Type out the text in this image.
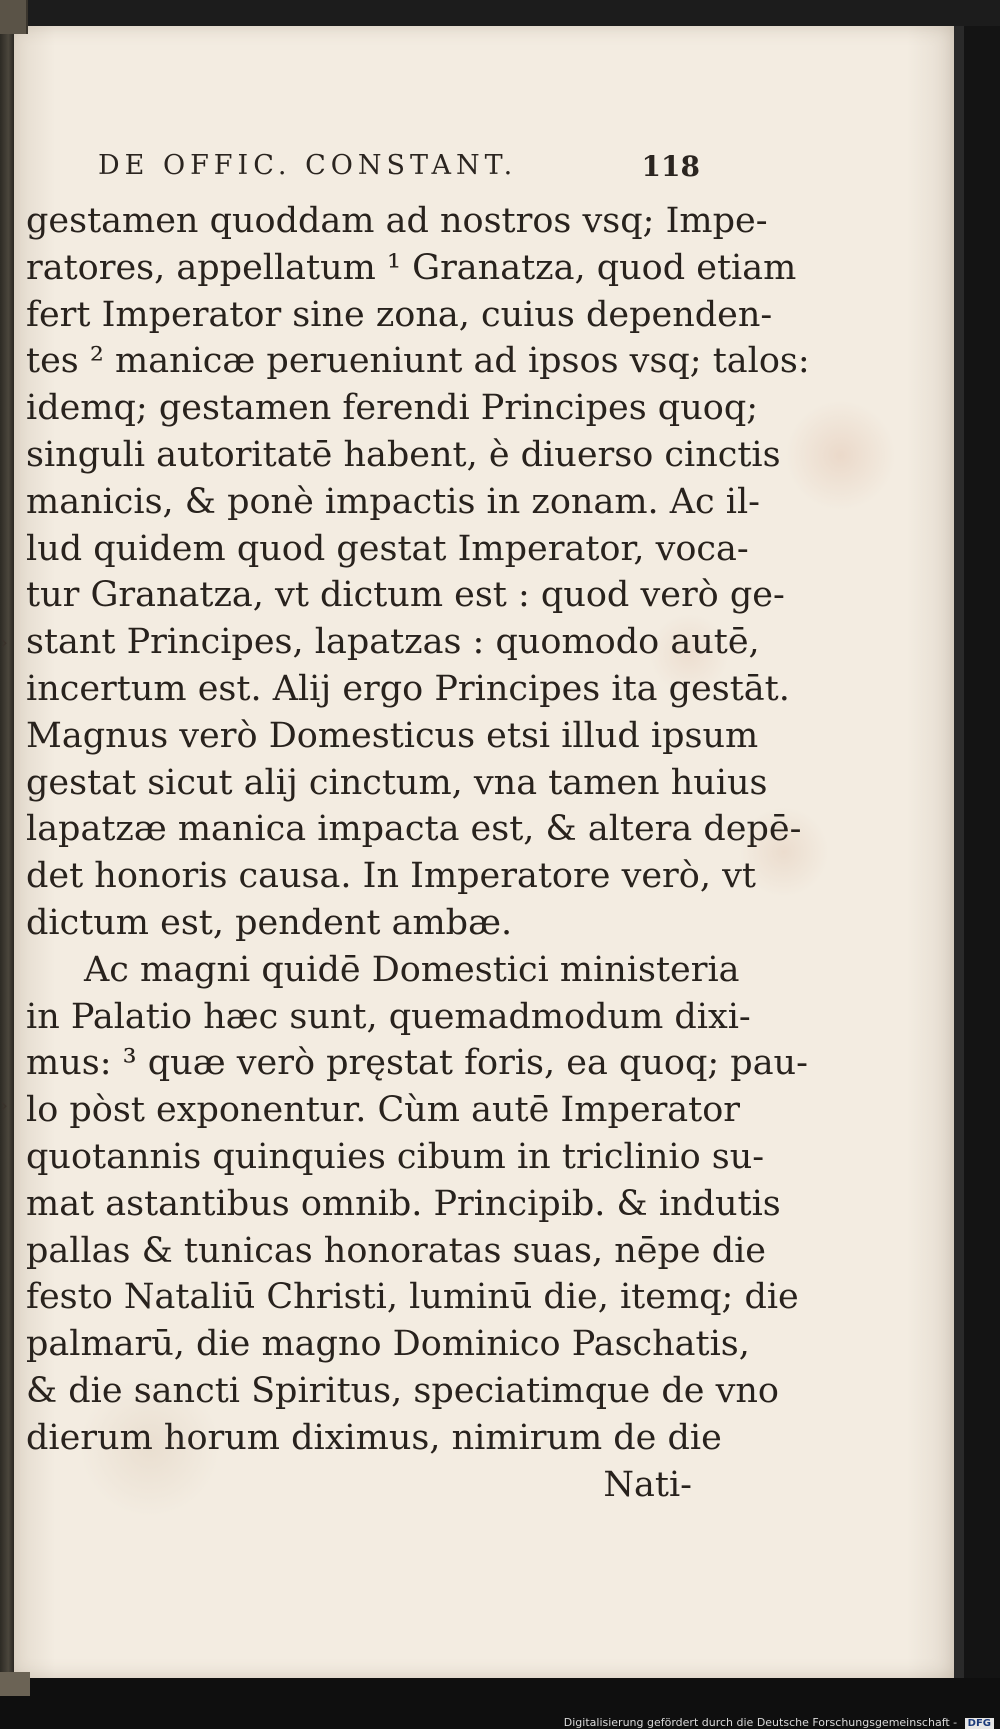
DE OFFIC. CONSTANT.	118
gestamen quoddam ad nostros vsq; Impe-
ratores, appellatum ¹ Granatza, quod etiam
fert Imperator sine zona, cuius dependen-
tes ² manicæ perueniunt ad ipsos vsq; talos:
idemq; gestamen ferendi Principes quoq;
singuli autoritatē habent, è diuerso cinctis
manicis, & ponè impactis in zonam. Ac il-
lud quidem quod gestat Imperator, voca-
tur Granatza, vt dictum est : quod verò ge-
stant Principes, lapatzas : quomodo autē,
incertum est. Alij ergo Principes ita gestāt.
Magnus verò Domesticus etsi illud ipsum
gestat sicut alij cinctum, vna tamen huius
lapatzæ manica impacta est, & altera depē-
det honoris causa. In Imperatore verò, vt
dictum est, pendent ambæ.
Ac magni quidē Domestici ministeria
in Palatio hæc sunt, quemadmodum dixi-
mus: ³ quæ verò pręstat foris, ea quoq; pau-
lo pòst exponentur. Cùm autē Imperator
quotannis quinquies cibum in triclinio su-
mat astantibus omnib. Principib. & indutis
pallas & tunicas honoratas suas, nēpe die
festo Nataliū Christi, luminū die, itemq; die
palmarū, die magno Dominico Paschatis,
& die sancti Spiritus, speciatimque de vno
dierum horum diximus, nimirum de die
Nati-
›
›
Digitalisierung gefördert durch die Deutsche Forschungsgemeinschaft - DFG
